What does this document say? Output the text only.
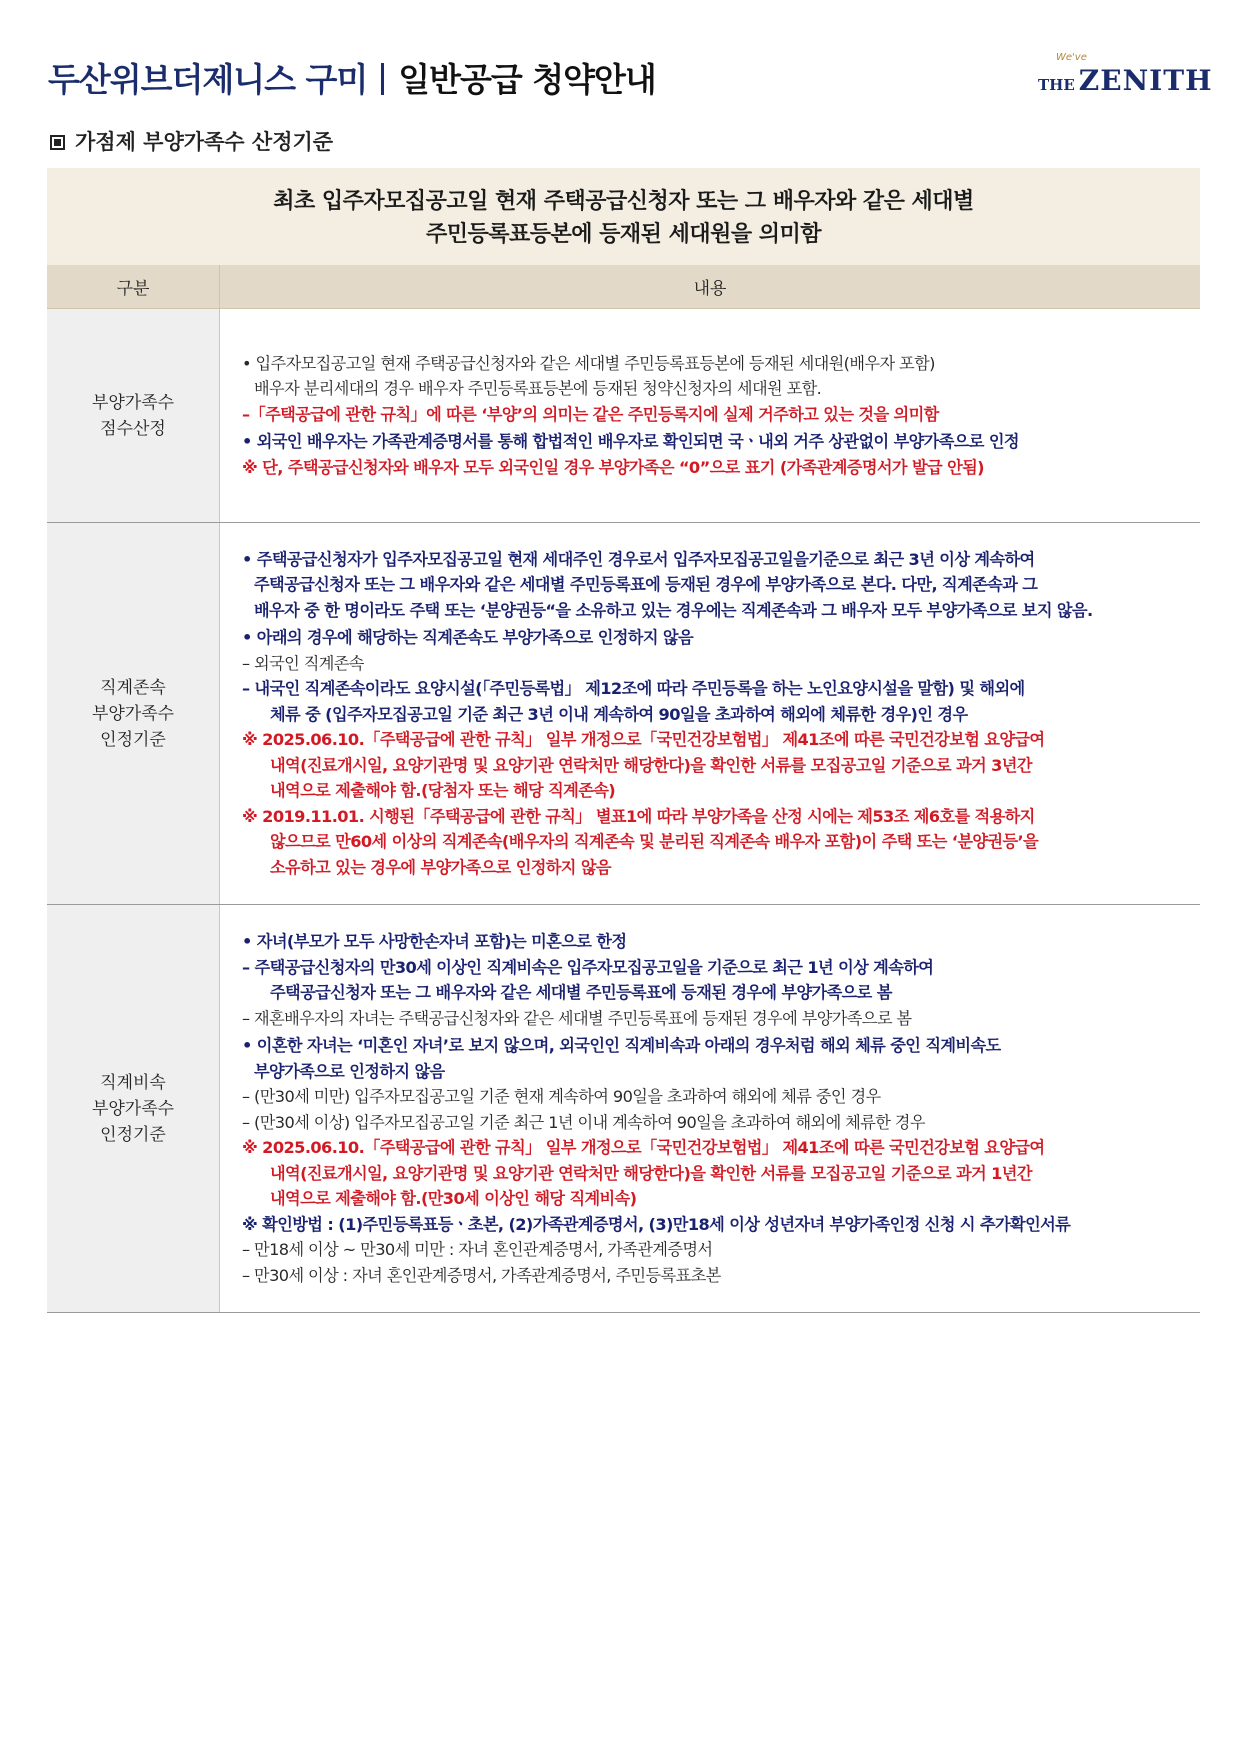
두산위브더제니스 구미 일반공급 청약안내
We've
THE ZENITH
가점제 부양가족수 산정기준
최초 입주자모집공고일 현재 주택공급신청자 또는 그 배우자와 같은 세대별
주민등록표등본에 등재된 세대원을 의미함
구분	내용
부양가족수
점수산정
• 입주자모집공고일 현재 주택공급신청자와 같은 세대별 주민등록표등본에 등재된 세대원(배우자 포함)
배우자 분리세대의 경우 배우자 주민등록표등본에 등재된 청약신청자의 세대원 포함.
–「주택공급에 관한 규칙」에 따른 ‘부양’의 의미는 같은 주민등록지에 실제 거주하고 있는 것을 의미함
• 외국인 배우자는 가족관계증명서를 통해 합법적인 배우자로 확인되면 국ㆍ내외 거주 상관없이 부양가족으로 인정
※ 단, 주택공급신청자와 배우자 모두 외국인일 경우 부양가족은 “0”으로 표기 (가족관계증명서가 발급 안됨)
직계존속
부양가족수
인정기준
• 주택공급신청자가 입주자모집공고일 현재 세대주인 경우로서 입주자모집공고일을기준으로 최근 3년 이상 계속하여
주택공급신청자 또는 그 배우자와 같은 세대별 주민등록표에 등재된 경우에 부양가족으로 본다. 다만, 직계존속과 그
배우자 중 한 명이라도 주택 또는 ‘분양권등“을 소유하고 있는 경우에는 직계존속과 그 배우자 모두 부양가족으로 보지 않음.
• 아래의 경우에 해당하는 직계존속도 부양가족으로 인정하지 않음
– 외국인 직계존속
– 내국인 직계존속이라도 요양시설(「주민등록법」 제12조에 따라 주민등록을 하는 노인요양시설을 말함) 및 해외에
체류 중 (입주자모집공고일 기준 최근 3년 이내 계속하여 90일을 초과하여 해외에 체류한 경우)인 경우
※ 2025.06.10.「주택공급에 관한 규칙」 일부 개정으로「국민건강보험법」 제41조에 따른 국민건강보험 요양급여
내역(진료개시일, 요양기관명 및 요양기관 연락처만 해당한다)을 확인한 서류를 모집공고일 기준으로 과거 3년간
내역으로 제출해야 함.(당첨자 또는 해당 직계존속)
※ 2019.11.01. 시행된「주택공급에 관한 규칙」 별표1에 따라 부양가족을 산정 시에는 제53조 제6호를 적용하지
않으므로 만60세 이상의 직계존속(배우자의 직계존속 및 분리된 직계존속 배우자 포함)이 주택 또는 ‘분양권등’을
소유하고 있는 경우에 부양가족으로 인정하지 않음
직계비속
부양가족수
인정기준
• 자녀(부모가 모두 사망한손자녀 포함)는 미혼으로 한정
– 주택공급신청자의 만30세 이상인 직계비속은 입주자모집공고일을 기준으로 최근 1년 이상 계속하여
주택공급신청자 또는 그 배우자와 같은 세대별 주민등록표에 등재된 경우에 부양가족으로 봄
– 재혼배우자의 자녀는 주택공급신청자와 같은 세대별 주민등록표에 등재된 경우에 부양가족으로 봄
• 이혼한 자녀는 ‘미혼인 자녀’로 보지 않으며, 외국인인 직계비속과 아래의 경우처럼 해외 체류 중인 직계비속도
부양가족으로 인정하지 않음
– (만30세 미만) 입주자모집공고일 기준 현재 계속하여 90일을 초과하여 해외에 체류 중인 경우
– (만30세 이상) 입주자모집공고일 기준 최근 1년 이내 계속하여 90일을 초과하여 해외에 체류한 경우
※ 2025.06.10.「주택공급에 관한 규칙」 일부 개정으로「국민건강보험법」 제41조에 따른 국민건강보험 요양급여
내역(진료개시일, 요양기관명 및 요양기관 연락처만 해당한다)을 확인한 서류를 모집공고일 기준으로 과거 1년간
내역으로 제출해야 함.(만30세 이상인 해당 직계비속)
※ 확인방법 : (1)주민등록표등ㆍ초본, (2)가족관계증명서, (3)만18세 이상 성년자녀 부양가족인정 신청 시 추가확인서류
– 만18세 이상 ~ 만30세 미만 : 자녀 혼인관계증명서, 가족관계증명서
– 만30세 이상 : 자녀 혼인관계증명서, 가족관계증명서, 주민등록표초본
